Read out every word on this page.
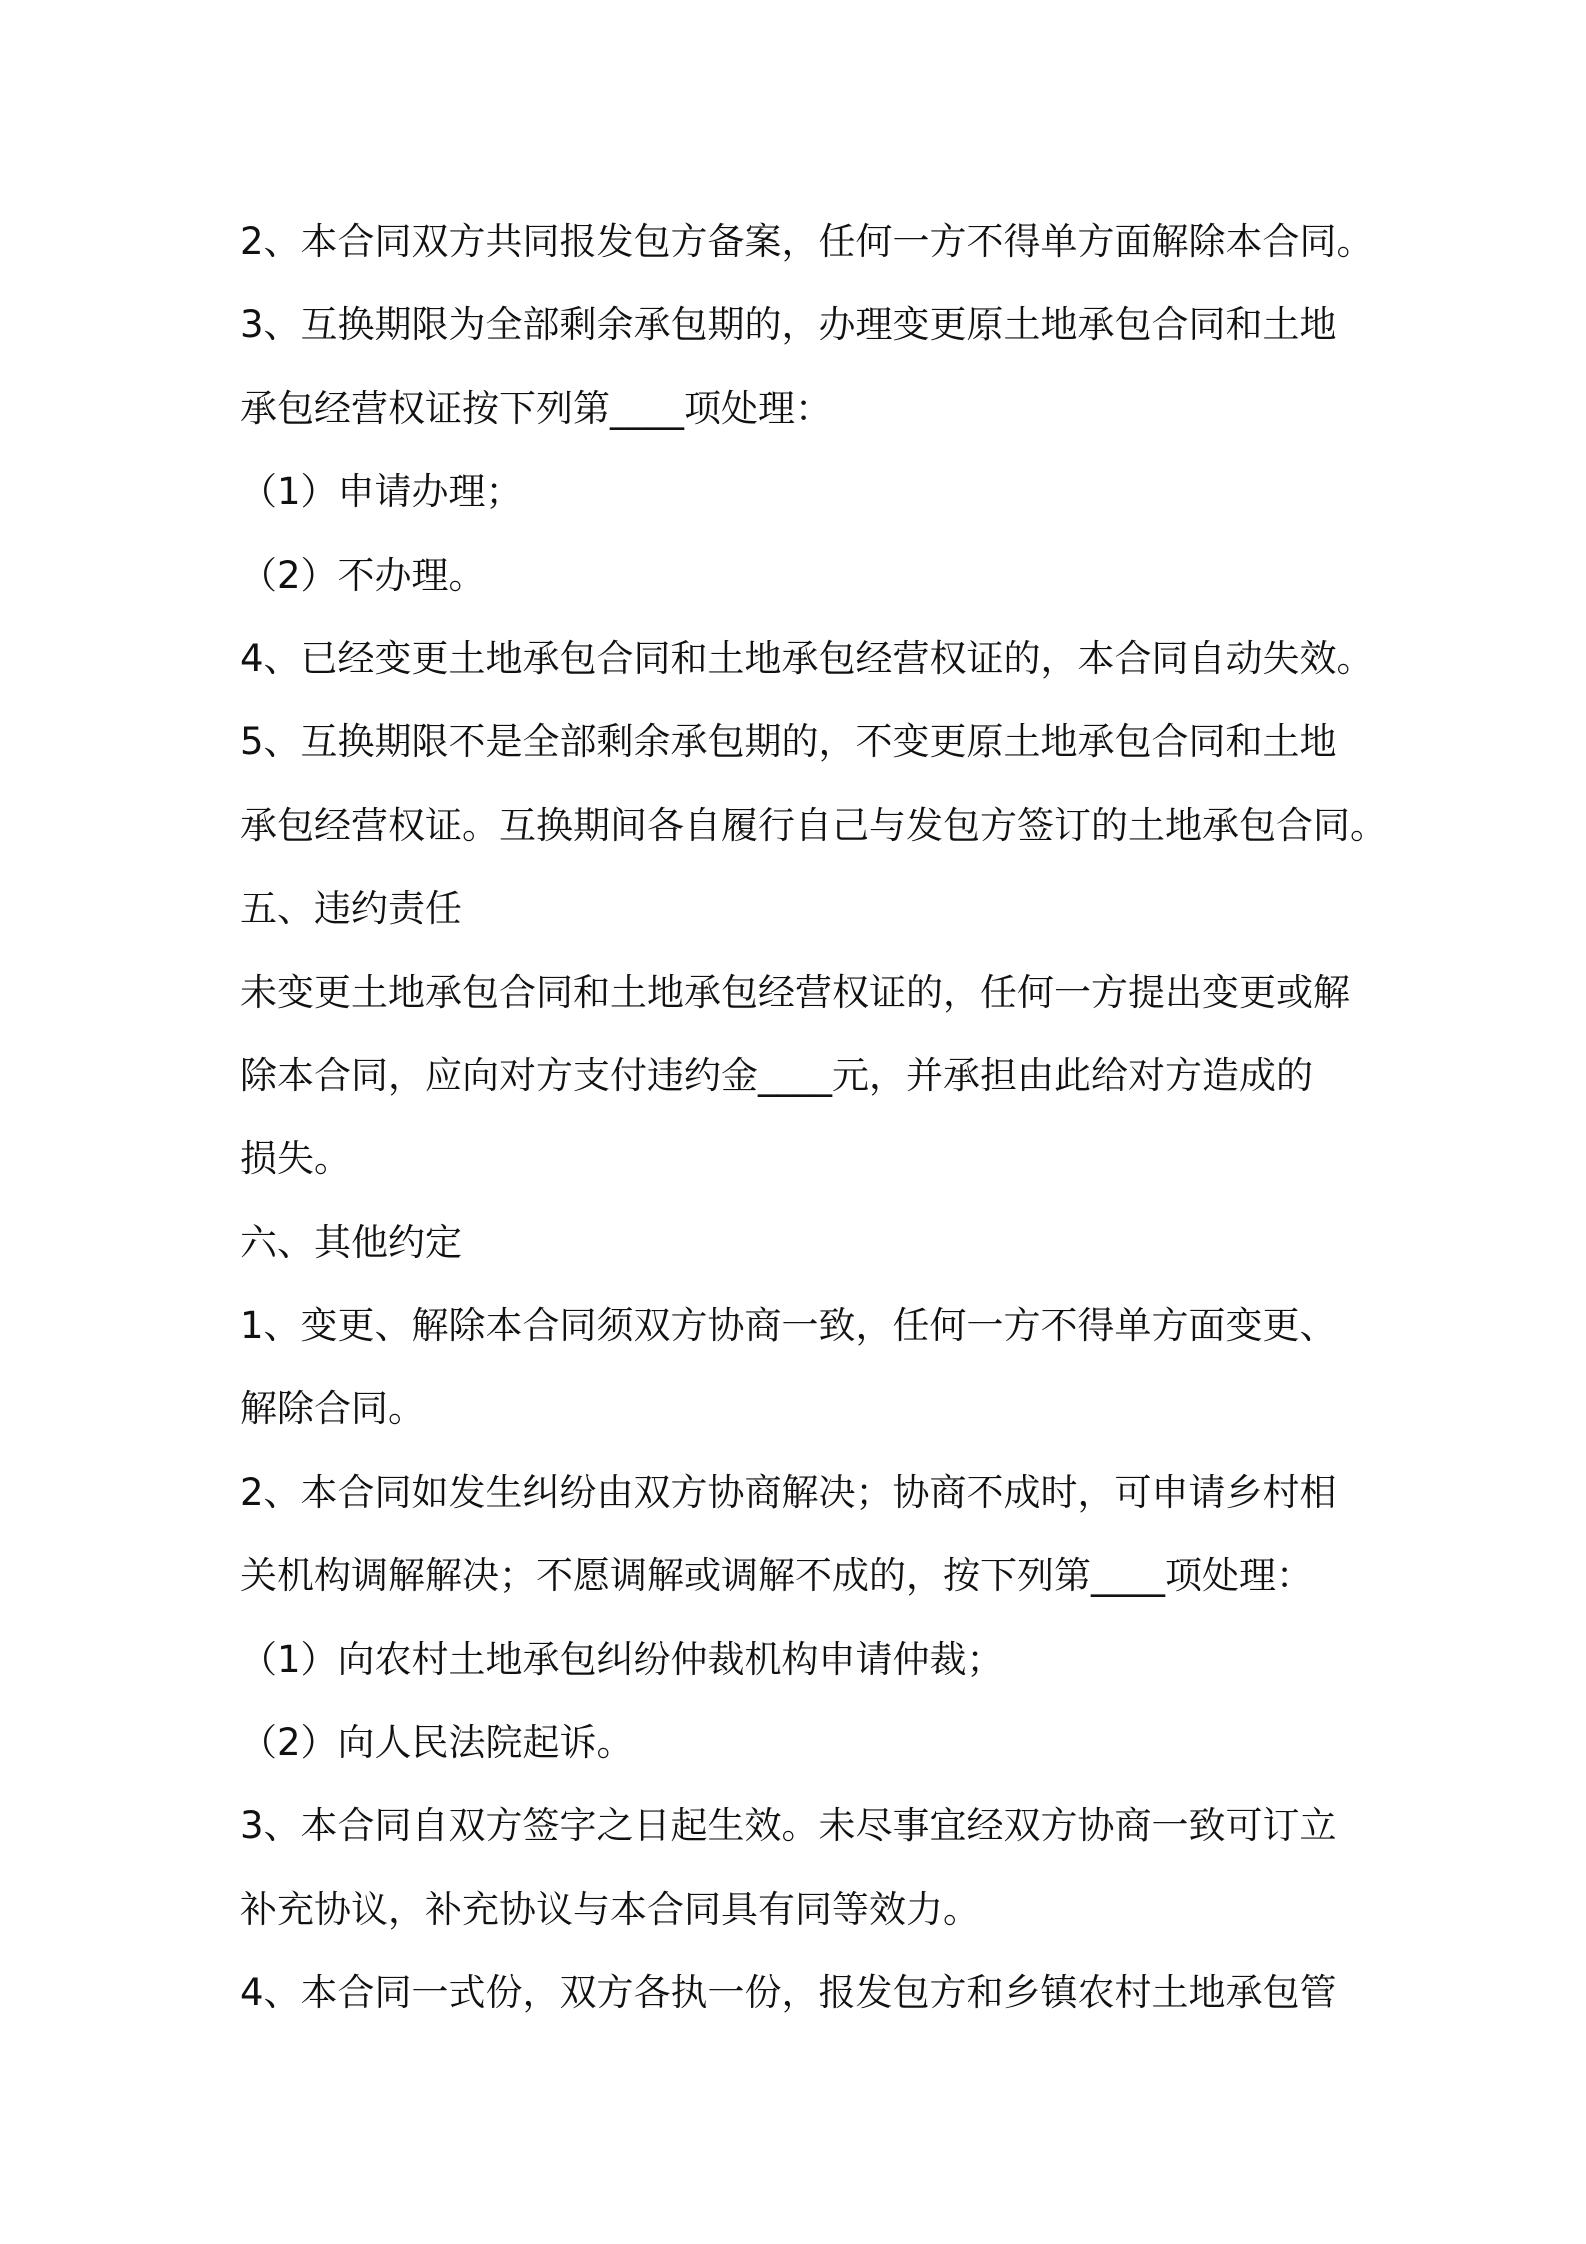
2、本合同双方共同报发包方备案，任何一方不得单方面解除本合同。
3、互换期限为全部剩余承包期的，办理变更原土地承包合同和土地
承包经营权证按下列第____项处理：
（1）申请办理；
（2）不办理。
4、已经变更土地承包合同和土地承包经营权证的，本合同自动失效。
5、互换期限不是全部剩余承包期的，不变更原土地承包合同和土地
承包经营权证。互换期间各自履行自己与发包方签订的土地承包合同。
五、违约责任
未变更土地承包合同和土地承包经营权证的，任何一方提出变更或解
除本合同，应向对方支付违约金____元，并承担由此给对方造成的
损失。
六、其他约定
1、变更、解除本合同须双方协商一致，任何一方不得单方面变更、
解除合同。
2、本合同如发生纠纷由双方协商解决；协商不成时，可申请乡村相
关机构调解解决；不愿调解或调解不成的，按下列第____项处理：
（1）向农村土地承包纠纷仲裁机构申请仲裁；
（2）向人民法院起诉。
3、本合同自双方签字之日起生效。未尽事宜经双方协商一致可订立
补充协议，补充协议与本合同具有同等效力。
4、本合同一式份，双方各执一份，报发包方和乡镇农村土地承包管
